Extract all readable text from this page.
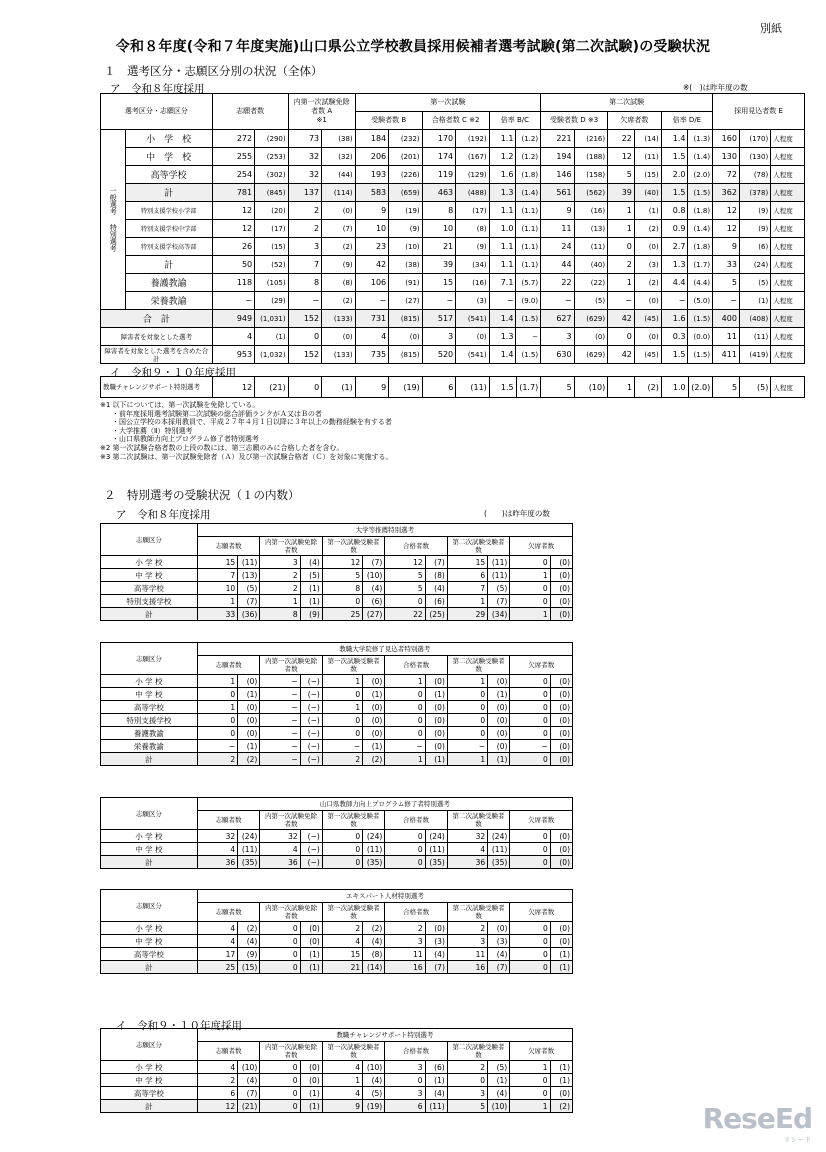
別紙
令和８年度(令和７年度実施)山口県公立学校教員採用候補者選考試験(第二次試験)の受験状況
１　選考区分・志願区分別の状況（全体）
※(　)は昨年度の数
ア　令和８年度採用
選考区分・志願区分		志願者数		内第一次試験免除者数 A
※1		第一次試験						第二次試験						採用見込者数 E		
						受験者数 B		合格者数 C ※2		倍率 B/C		受験者数 D ※3		欠席者数		倍率 D/E				

一般選考

特別選考	小　学　校	272	(290)	73	(38)	184	(232)	170	(192)	1.1	(1.2)	221	(216)	22	(14)	1.4	(1.3)	160	(170)	人程度
	中　学　校	255	(253)	32	(32)	206	(201)	174	(167)	1.2	(1.2)	194	(188)	12	(11)	1.5	(1.4)	130	(130)	人程度
	高等学校	254	(302)	32	(44)	193	(226)	119	(129)	1.6	(1.8)	146	(158)	5	(15)	2.0	(2.0)	72	(78)	人程度
	計	781	(845)	137	(114)	583	(659)	463	(488)	1.3	(1.4)	561	(562)	39	(40)	1.5	(1.5)	362	(378)	人程度
	特別支援学校小学部	12	(20)	2	(0)	9	(19)	8	(17)	1.1	(1.1)	9	(16)	1	(1)	0.8	(1.8)	12	(9)	人程度
	特別支援学校中学部	12	(17)	2	(7)	10	(9)	10	(8)	1.0	(1.1)	11	(13)	1	(2)	0.9	(1.4)	12	(9)	人程度
	特別支援学校高等部	26	(15)	3	(2)	23	(10)	21	(9)	1.1	(1.1)	24	(11)	0	(0)	2.7	(1.8)	9	(6)	人程度
	計	50	(52)	7	(9)	42	(38)	39	(34)	1.1	(1.1)	44	(40)	2	(3)	1.3	(1.7)	33	(24)	人程度
	養護教諭	118	(105)	8	(8)	106	(91)	15	(16)	7.1	(5.7)	22	(22)	1	(2)	4.4	(4.4)	5	(5)	人程度
	栄養教諭	−	(29)	−	(2)	−	(27)	−	(3)	−	(9.0)	−	(5)	−	(0)	−	(5.0)	−	(1)	人程度
合　計		949	(1,031)	152	(133)	731	(815)	517	(541)	1.4	(1.5)	627	(629)	42	(45)	1.6	(1.5)	400	(408)	人程度
障害者を対象とした選考		4	(1)	0	(0)	4	(0)	3	(0)	1.3	−	3	(0)	0	(0)	0.3	(0.0)	11	(11)	人程度
障害者を対象とした選考を含めた合計		953	(1,032)	152	(133)	735	(815)	520	(541)	1.4	(1.5)	630	(629)	42	(45)	1.5	(1.5)	411	(419)	人程度
イ　令和９・１０年度採用
教職チャレンジサポート特別選考	12	(21)	0	(1)	9	(19)	6	(11)	1.5	(1.7)	5	(10)	1	(2)	1.0	(2.0)	5	(5)	人程度
※1 以下については、第一次試験を免除している。
・前年度採用選考試験第二次試験の総合評価ランクがＡ又はＢの者
・国公立学校の本採用教員で、平成２７年４月１日以降に３年以上の勤務経験を有する者
・大学推薦（Ⅱ）特別選考
・山口県教師力向上プログラム修了者特別選考
※2 第一次試験合格者数の上段の数には、第三志願のみに合格した者を含む。
※3 第二次試験は、第一次試験免除者（Ａ）及び第一次試験合格者（Ｃ）を対象に実施する。
２　特別選考の受験状況（１の内数）
ア　令和８年度採用	(　　)は昨年度の数
志願区分	大学等推薦特別選考											
	志願者数		内第一次試験免除者数		第一次試験受験者数		合格者数		第二次試験受験者数		欠席者数	
小 学 校	15	(11)	3	(4)	12	(7)	12	(7)	15	(11)	0	(0)
中 学 校	7	(13)	2	(5)	5	(10)	5	(8)	6	(11)	1	(0)
高等学校	10	(5)	2	(1)	8	(4)	5	(4)	7	(5)	0	(0)
特別支援学校	1	(7)	1	(1)	0	(6)	0	(6)	1	(7)	0	(0)
計	33	(36)	8	(9)	25	(27)	22	(25)	29	(34)	1	(0)
志願区分	教職大学院修了見込者特別選考											
	志願者数		内第一次試験免除者数		第一次試験受験者数		合格者数		第二次試験受験者数		欠席者数	
小 学 校	1	(0)	−	(−)	1	(0)	1	(0)	1	(0)	0	(0)
中 学 校	0	(1)	−	(−)	0	(1)	0	(1)	0	(1)	0	(0)
高等学校	1	(0)	−	(−)	1	(0)	0	(0)	0	(0)	0	(0)
特別支援学校	0	(0)	−	(−)	0	(0)	0	(0)	0	(0)	0	(0)
養護教諭	0	(0)	−	(−)	0	(0)	0	(0)	0	(0)	0	(0)
栄養教諭	−	(1)	−	(−)	−	(1)	−	(0)	−	(0)	−	(0)
計	2	(2)	−	(−)	2	(2)	1	(1)	1	(1)	0	(0)
志願区分	山口県教師力向上プログラム修了者特別選考											
	志願者数		内第一次試験免除者数		第一次試験受験者数		合格者数		第二次試験受験者数		欠席者数	
小 学 校	32	(24)	32	(−)	0	(24)	0	(24)	32	(24)	0	(0)
中 学 校	4	(11)	4	(−)	0	(11)	0	(11)	4	(11)	0	(0)
計	36	(35)	36	(−)	0	(35)	0	(35)	36	(35)	0	(0)
志願区分	エキスパート人材特別選考											
	志願者数		内第一次試験免除者数		第一次試験受験者数		合格者数		第二次試験受験者数		欠席者数	
小 学 校	4	(2)	0	(0)	2	(2)	2	(0)	2	(0)	0	(0)
中 学 校	4	(4)	0	(0)	4	(4)	3	(3)	3	(3)	0	(0)
高等学校	17	(9)	0	(1)	15	(8)	11	(4)	11	(4)	0	(1)
計	25	(15)	0	(1)	21	(14)	16	(7)	16	(7)	0	(1)
志願区分	教職チャレンジサポート特別選考											
	志願者数		内第一次試験免除者数		第一次試験受験者数		合格者数		第二次試験受験者数		欠席者数	
小 学 校	4	(10)	0	(0)	4	(10)	3	(6)	2	(5)	1	(1)
中 学 校	2	(4)	0	(0)	1	(4)	0	(1)	0	(1)	0	(1)
高等学校	6	(7)	0	(1)	4	(5)	3	(4)	3	(4)	0	(0)
計	12	(21)	0	(1)	9	(19)	6	(11)	5	(10)	1	(2)
イ　令和９・１０年度採用
ReseEd
リシード
